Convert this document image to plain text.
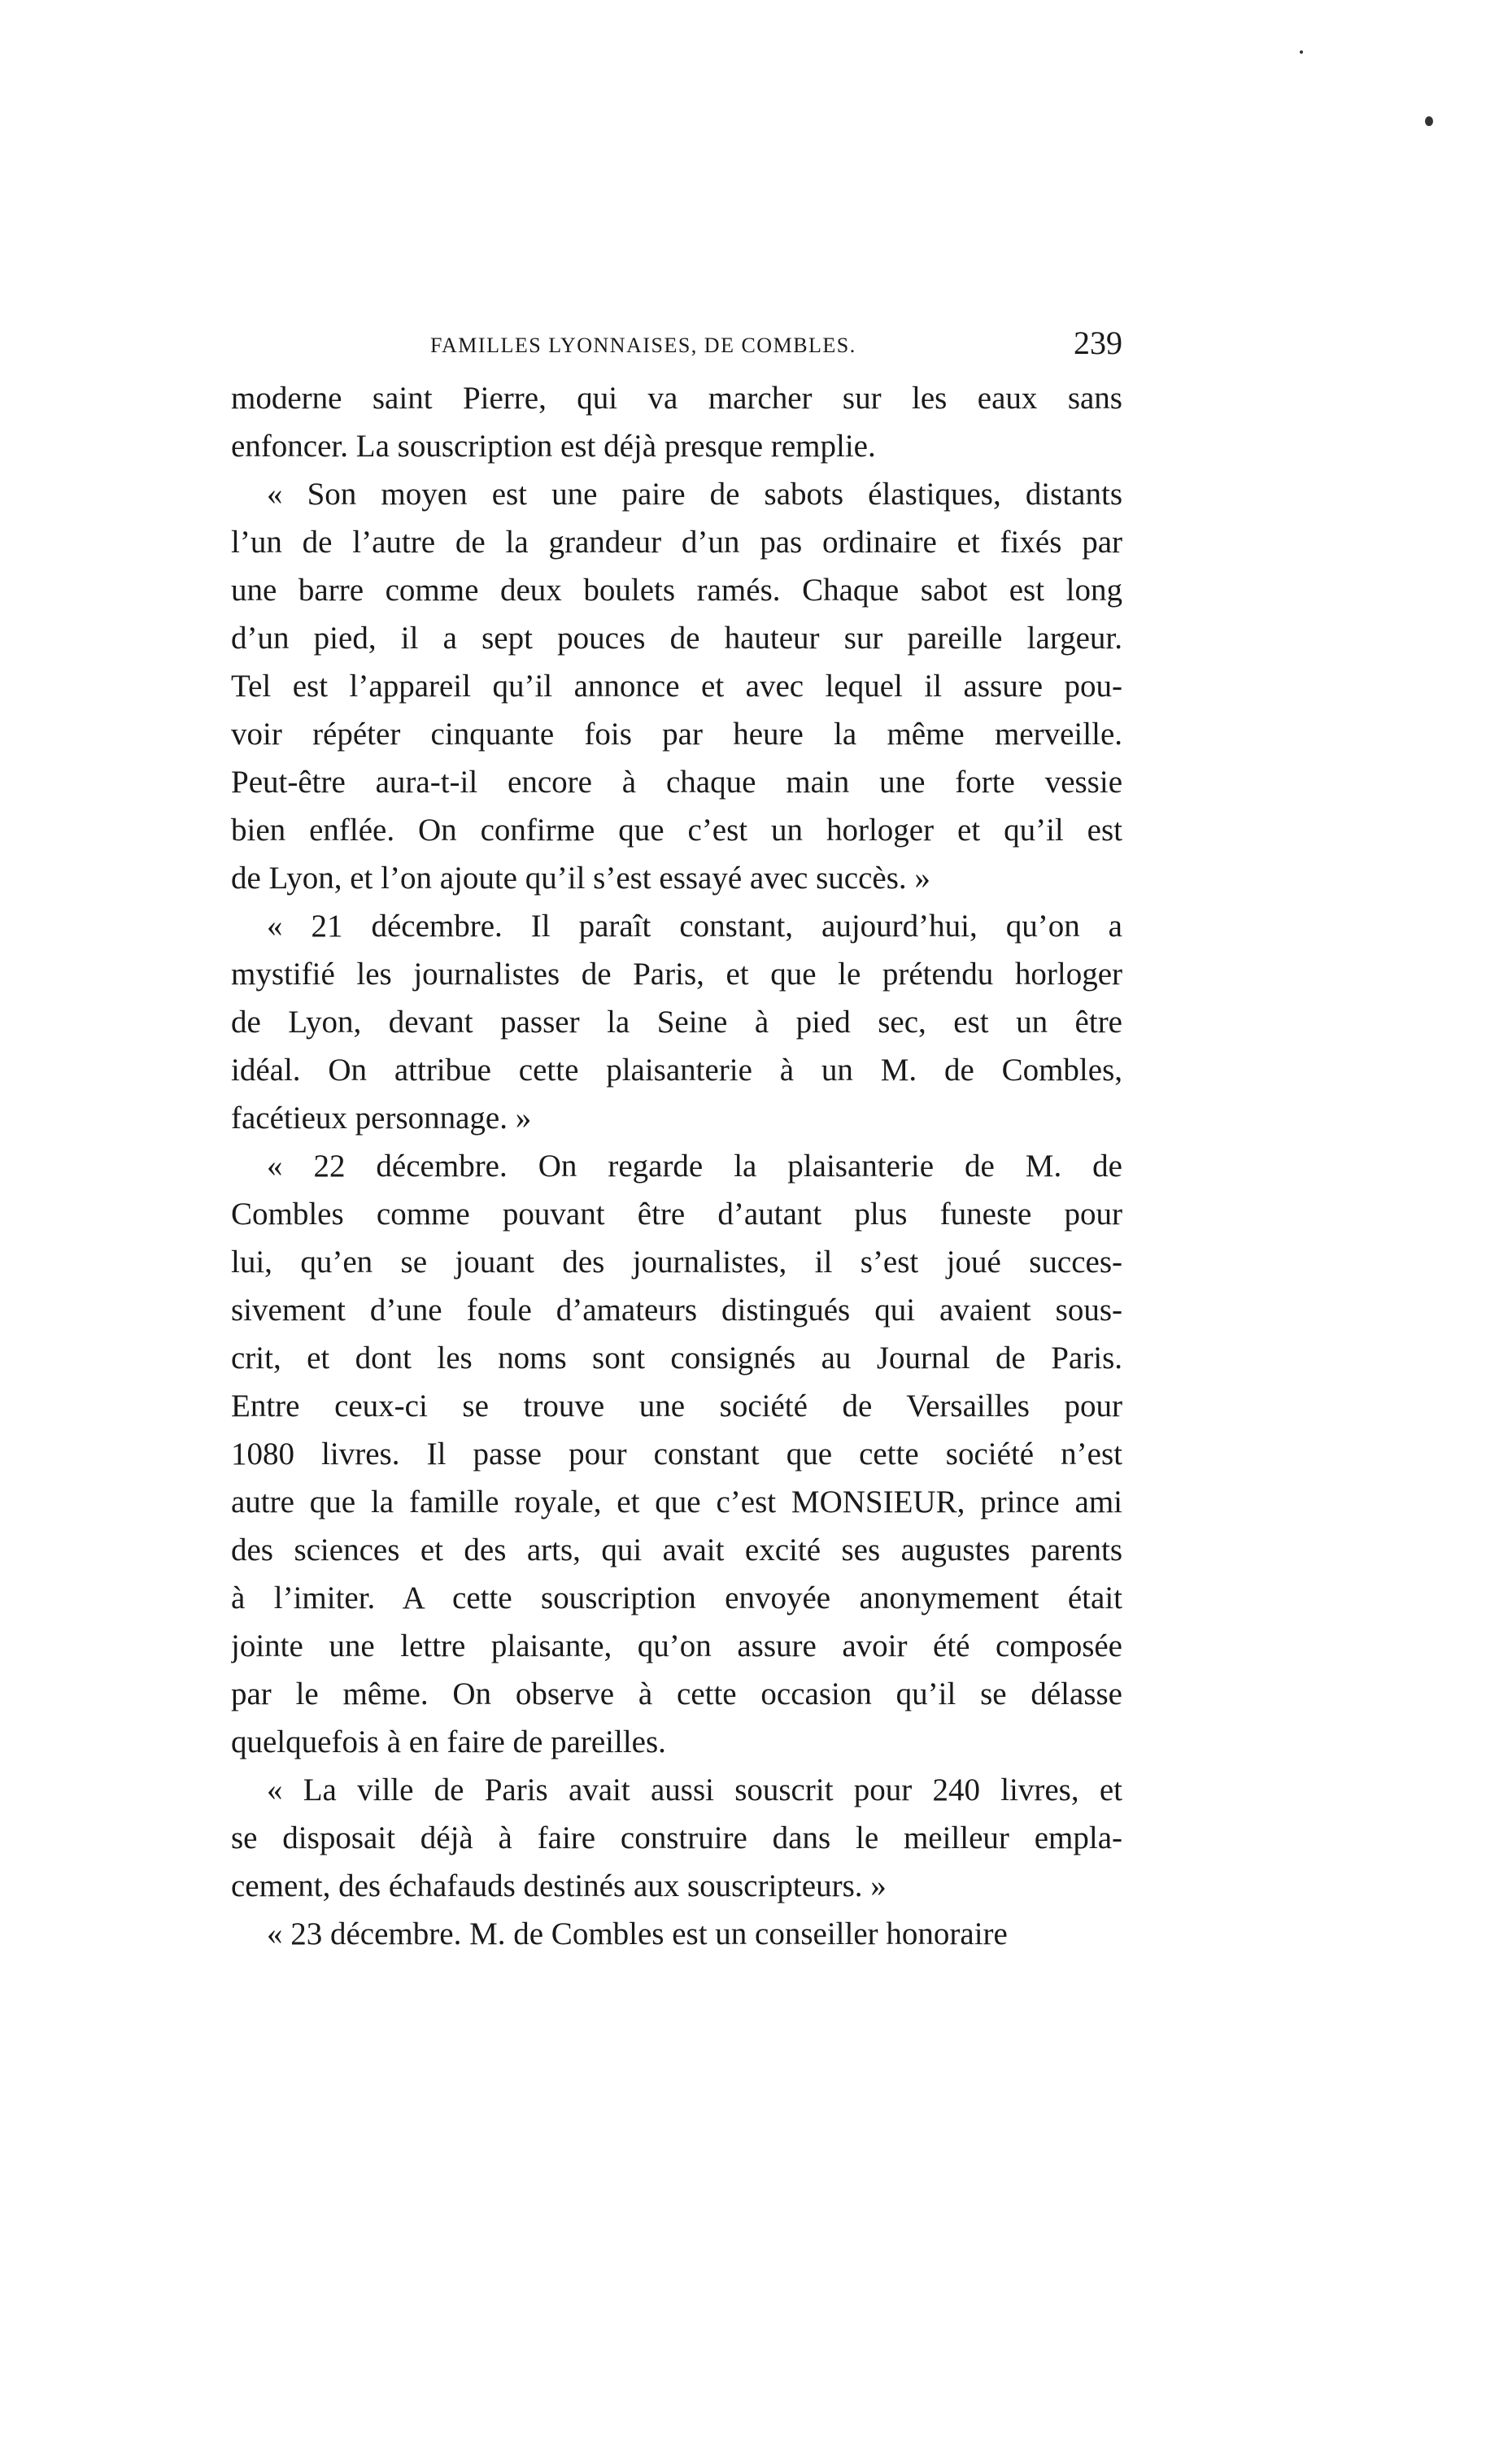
FAMILLES LYONNAISES, DE COMBLES.	239
moderne saint Pierre, qui va marcher sur les eaux sans
enfoncer. La souscription est déjà presque remplie.
« Son moyen est une paire de sabots élastiques, distants
l’un de l’autre de la grandeur d’un pas ordinaire et fixés par
une barre comme deux boulets ramés. Chaque sabot est long
d’un pied, il a sept pouces de hauteur sur pareille largeur.
Tel est l’appareil qu’il annonce et avec lequel il assure pou-
voir répéter cinquante fois par heure la même merveille.
Peut-être aura-t-il encore à chaque main une forte vessie
bien enflée. On confirme que c’est un horloger et qu’il est
de Lyon, et l’on ajoute qu’il s’est essayé avec succès. »
« 21 décembre. Il paraît constant, aujourd’hui, qu’on a
mystifié les journalistes de Paris, et que le prétendu horloger
de Lyon, devant passer la Seine à pied sec, est un être
idéal. On attribue cette plaisanterie à un M. de Combles,
facétieux personnage. »
« 22 décembre. On regarde la plaisanterie de M. de
Combles comme pouvant être d’autant plus funeste pour
lui, qu’en se jouant des journalistes, il s’est joué succes-
sivement d’une foule d’amateurs distingués qui avaient sous-
crit, et dont les noms sont consignés au Journal de Paris.
Entre ceux-ci se trouve une société de Versailles pour
1080 livres. Il passe pour constant que cette société n’est
autre que la famille royale, et que c’est MONSIEUR, prince ami
des sciences et des arts, qui avait excité ses augustes parents
à l’imiter. A cette souscription envoyée anonymement était
jointe une lettre plaisante, qu’on assure avoir été composée
par le même. On observe à cette occasion qu’il se délasse
quelquefois à en faire de pareilles.
« La ville de Paris avait aussi souscrit pour 240 livres, et
se disposait déjà à faire construire dans le meilleur empla-
cement, des échafauds destinés aux souscripteurs. »
« 23 décembre. M. de Combles est un conseiller honoraire
